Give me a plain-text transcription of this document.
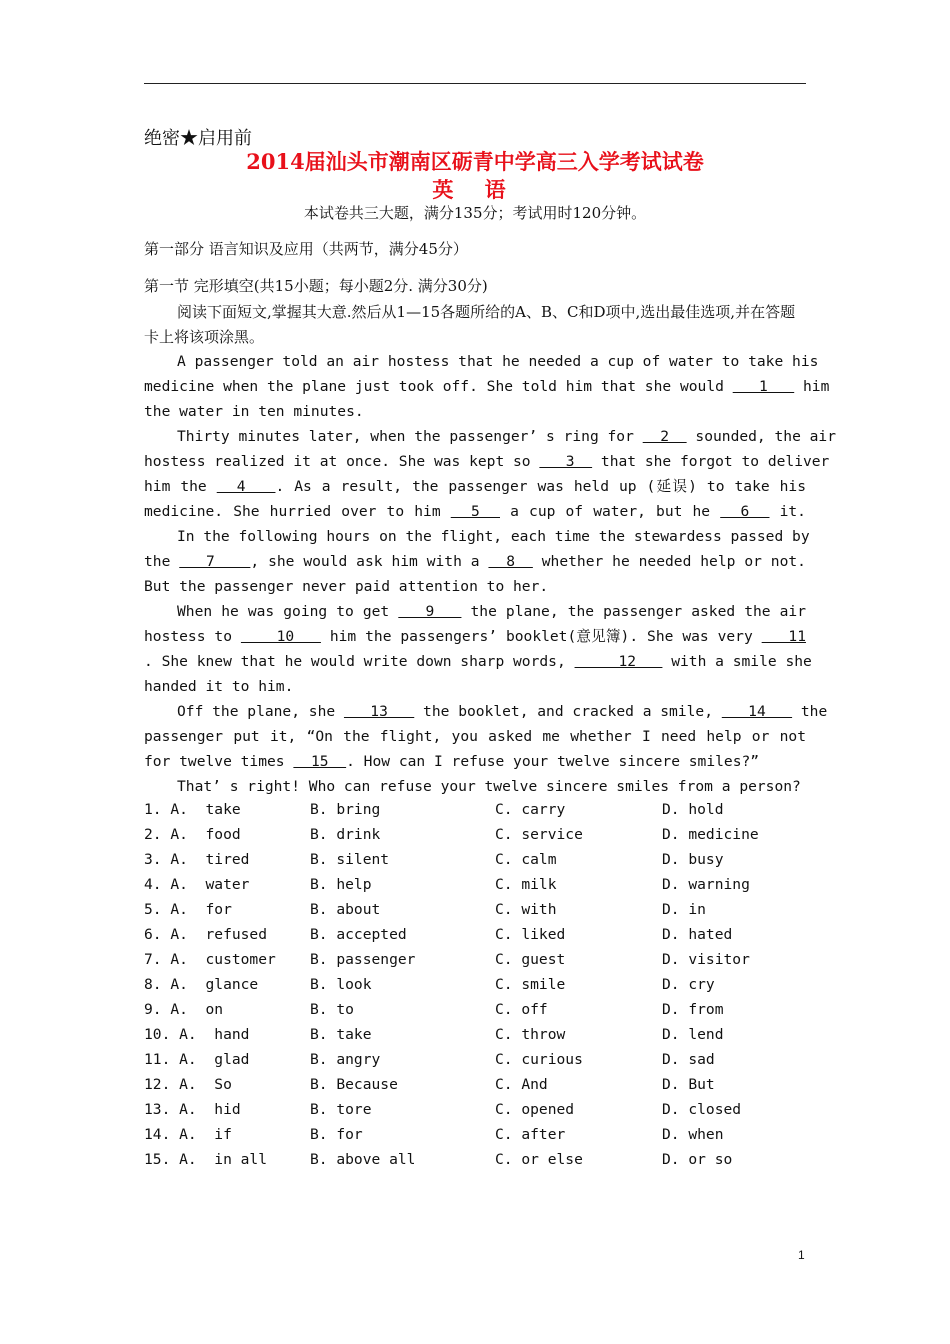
绝密★启用前
2014届汕头市潮南区砺青中学高三入学考试试卷
英 语
本试卷共三大题，满分135分；考试用时120分钟。
第一部分 语言知识及应用（共两节，满分45分）
第一节 完形填空(共15小题；每小题2分. 满分30分)
阅读下面短文,掌握其大意.然后从1—15各题所给的A、B、C和D项中,选出最佳选项,并在答题卡上将该项涂黑。
A passenger told an air hostess that he needed a cup of water to take his
medicine when the plane just took off. She told him that she would    1    him
the water in ten minutes.
Thirty minutes later, when the passenger’ s ring for   2   sounded, the air
hostess realized it at once. She was kept so    3   that she forgot to deliver
him the   4   . As a result, the passenger was held up (延误) to take his
medicine. She hurried over to him   5   a cup of water, but he   6   it.
In the following hours on the flight, each time the stewardess passed by
the    7    , she would ask him with a   8   whether he needed help or not.
But the passenger never paid attention to her.
When he was going to get    9    the plane, the passenger asked the air
hostess to     10    him the passengers’ booklet(意见簿). She was very    11
. She knew that he would write down sharp words,      12    with a smile she
handed it to him.
Off the plane, she    13    the booklet, and cracked a smile,    14    the
passenger put it, “On the flight, you asked me whether I need help or not
for twelve times   15  . How can I refuse your twelve sincere smiles?”
That’ s right! Who can refuse your twelve sincere smiles from a person?
1. A.  take	B. bring	C. carry	D. hold
2. A.  food	B. drink	C. service	D. medicine
3. A.  tired	B. silent	C. calm	D. busy
4. A.  water	B. help	C. milk	D. warning
5. A.  for	B. about	C. with	D. in
6. A.  refused	B. accepted	C. liked	D. hated
7. A.  customer B. passenger	C. guest	D. visitor
8. A.  glance	B. look	C. smile	D. cry
9. A.  on	B. to	C. off	D. from
10. A.  hand	B. take	C. throw	D. lend
11. A.  glad	B. angry	C. curious	D. sad
12. A.  So	B. Because	C. And	D. But
13. A.  hid	B. tore	C. opened	D. closed
14. A.  if	B. for	C. after	D. when
15. A.  in all	B. above all	C. or else	D. or so
1
